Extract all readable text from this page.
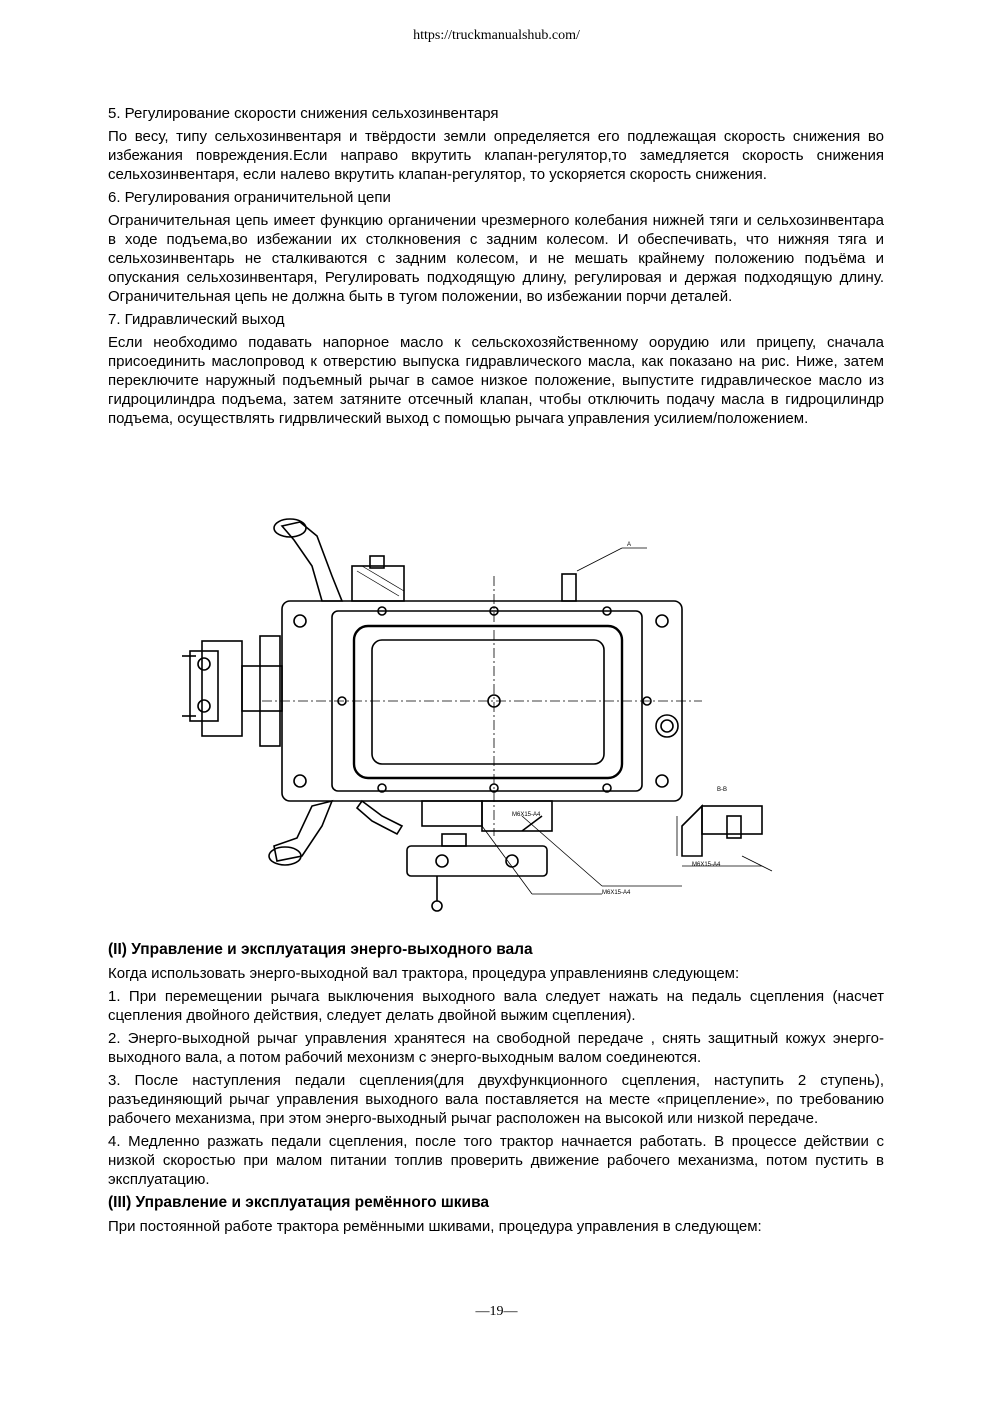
https://truckmanualshub.com/
5. Регулирование скорости снижения сельхозинвентаря
По весу, типу сельхозинвентаря и твёрдости земли определяется его подлежащая скорость снижения во избежания повреждения.Если направо вкрутить клапан-регулятор,то замедляется скорость снижения сельхозинвентаря, если налево вкрутить клапан-регулятор, то ускоряется скорость снижения.
6. Регулирования ограничительной цепи
Ограничительная цепь имеет функцию органичении чрезмерного колебания нижней тяги и сельхозинвентара в ходе подъема,во избежании их столкновения с задним колесом. И обеспечивать, что нижняя тяга и сельхозинвентарь не сталкиваются с задним колесом, и не мешать крайнему положению подъёма и опускания сельхозинвентаря, Регулировать подходящую длину, регулировая и держая подходящую длину. Ограничительная цепь не должна быть в тугом положении, во избежании порчи деталей.
7. Гидравлический выход
Если необходимо подавать напорное масло к сельскохозяйственному оорудию или прицепу, сначала присоединить маслопровод к отверстию выпуска гидравлического масла, как показано на рис. Ниже, затем переключите наружный подъемный рычаг в самое низкое положение, выпустите гидравлическое масло из гидроцилиндра подъема, затем затяните отсечный клапан, чтобы отключить подачу масла в гидроцилиндр подъема, осуществлять гидрвлический выход с помощью рычага управления усилием/положением.
В-В
M6X15-A4
M6X15-A4
M6X15-A4
A
(II) Управление и эксплуатация энерго-выходного вала
Когда использовать энерго-выходной вал трактора, процедура управлениянв следующем:
1. При перемещении рычага выключения выходного вала следует нажать на педаль сцепления (насчет сцепления двойного действия, следует делать двойной выжим сцепления).
2. Энерго-выходной рычаг управления хранятеся на свободной передаче , снять защитный кожух энерго-выходного вала, а потом рабочий мехонизм с энерго-выходным валом соединеются.
3. После наступления педали сцепления(для двухфункционного сцепления, наступить 2 ступень), разъединяющий рычаг управления выходного вала поставляется на месте «прицепление», по требованию рабочего механизма, при этом энерго-выходный рычаг расположен на высокой или низкой передаче.
4. Медленно разжать педали сцепления, после того трактор начнается работать. В процессе действии с низкой скоростью при малом питании топлив проверить движение рабочего механизма, потом пустить в эксплуатацию.
(III) Управление и эксплуатация ремённого шкива
При постоянной работе трактора ремёнными шкивами, процедура управления в следующем:
—19—
